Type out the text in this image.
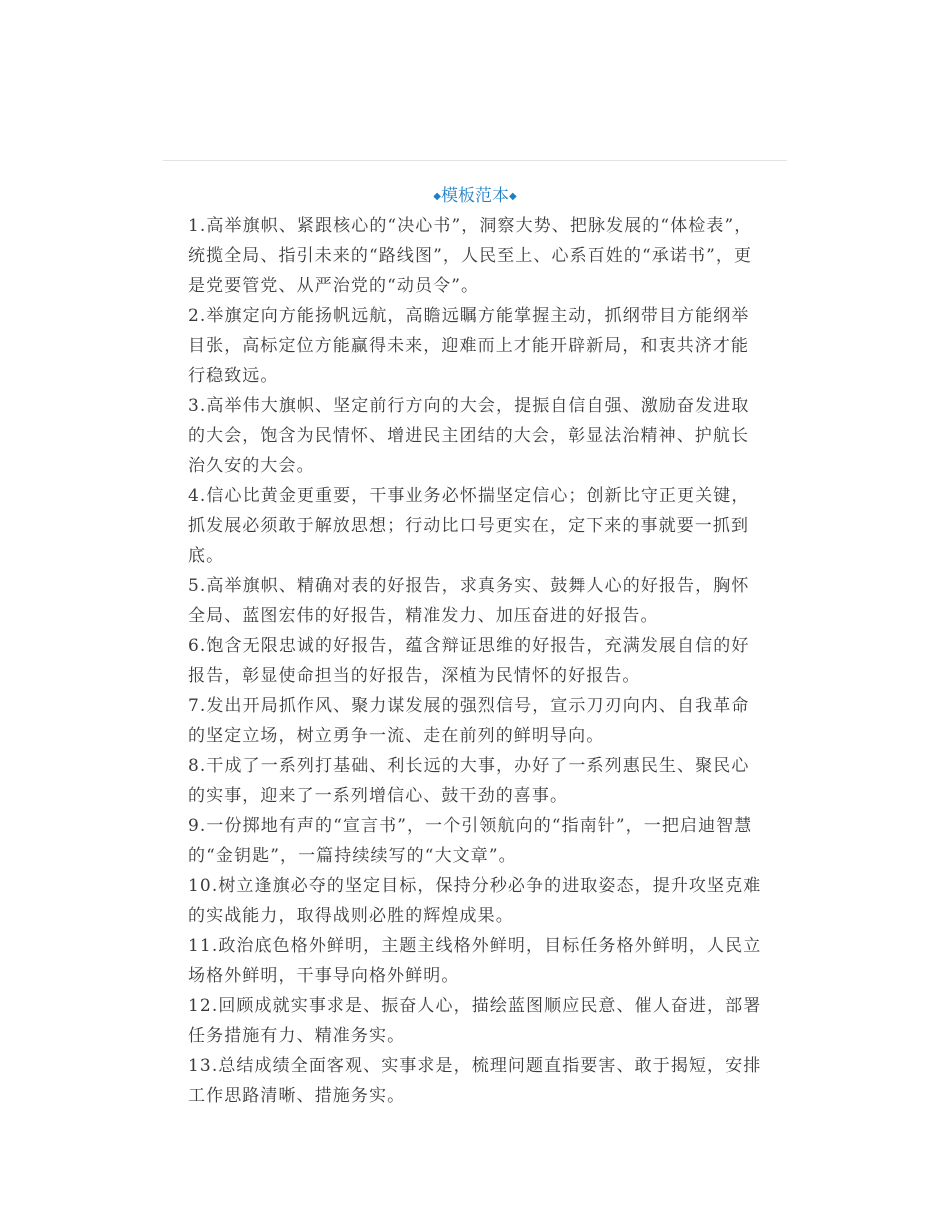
◆模板范本◆

1.高举旗帜、紧跟核心的“决心书”，洞察大势、把脉发展的“体检表”，统揽全局、指引未来的“路线图”，人民至上、心系百姓的“承诺书”，更是党要管党、从严治党的“动员令”。

2.举旗定向方能扬帆远航，高瞻远瞩方能掌握主动，抓纲带目方能纲举目张，高标定位方能赢得未来，迎难而上才能开辟新局，和衷共济才能行稳致远。

3.高举伟大旗帜、坚定前行方向的大会，提振自信自强、激励奋发进取的大会，饱含为民情怀、增进民主团结的大会，彰显法治精神、护航长治久安的大会。

4.信心比黄金更重要，干事业务必怀揣坚定信心；创新比守正更关键，抓发展必须敢于解放思想；行动比口号更实在，定下来的事就要一抓到底。

5.高举旗帜、精确对表的好报告，求真务实、鼓舞人心的好报告，胸怀全局、蓝图宏伟的好报告，精准发力、加压奋进的好报告。

6.饱含无限忠诚的好报告，蕴含辩证思维的好报告，充满发展自信的好报告，彰显使命担当的好报告，深植为民情怀的好报告。

7.发出开局抓作风、聚力谋发展的强烈信号，宣示刀刃向内、自我革命的坚定立场，树立勇争一流、走在前列的鲜明导向。

8.干成了一系列打基础、利长远的大事，办好了一系列惠民生、聚民心的实事，迎来了一系列增信心、鼓干劲的喜事。

9.一份掷地有声的“宣言书”，一个引领航向的“指南针”，一把启迪智慧的“金钥匙”，一篇持续续写的“大文章”。

10.树立逢旗必夺的坚定目标，保持分秒必争的进取姿态，提升攻坚克难的实战能力，取得战则必胜的辉煌成果。

11.政治底色格外鲜明，主题主线格外鲜明，目标任务格外鲜明，人民立场格外鲜明，干事导向格外鲜明。

12.回顾成就实事求是、振奋人心，描绘蓝图顺应民意、催人奋进，部署任务措施有力、精准务实。

13.总结成绩全面客观、实事求是，梳理问题直指要害、敢于揭短，安排工作思路清晰、措施务实。
